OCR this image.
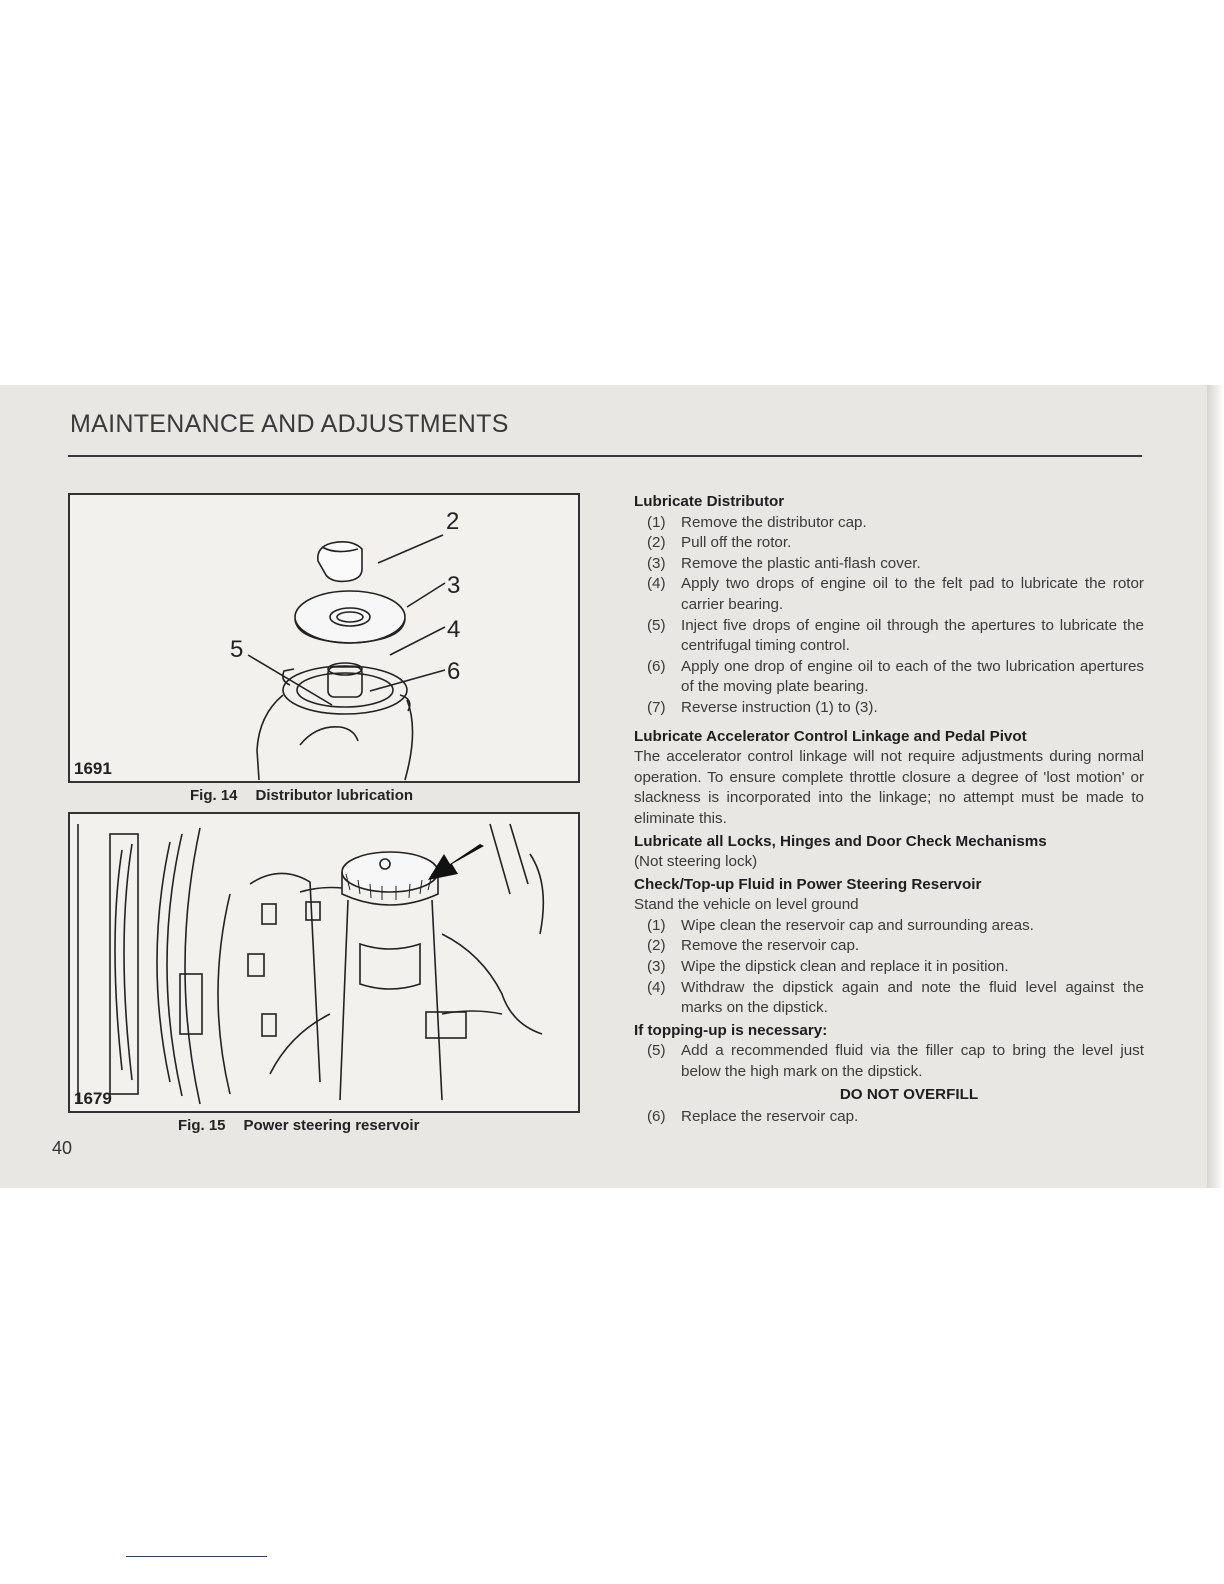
MAINTENANCE AND ADJUSTMENTS
2
3
4
5
6
1691
Fig. 14 Distributor lubrication
1679
Fig. 15 Power steering reservoir
40
Lubricate Distributor
(1) Remove the distributor cap.
(2) Pull off the rotor.
(3) Remove the plastic anti-flash cover.
(4) Apply two drops of engine oil to the felt pad to lubricate the rotor carrier bearing.
(5) Inject five drops of engine oil through the apertures to lubricate the centrifugal timing control.
(6) Apply one drop of engine oil to each of the two lubrication apertures of the moving plate bearing.
(7) Reverse instruction (1) to (3).
Lubricate Accelerator Control Linkage and Pedal Pivot
The accelerator control linkage will not require adjustments during normal operation. To ensure complete throttle closure a degree of 'lost motion' or slackness is incorporated into the linkage; no attempt must be made to eliminate this.
Lubricate all Locks, Hinges and Door Check Mechanisms
(Not steering lock)
Check/Top-up Fluid in Power Steering Reservoir
Stand the vehicle on level ground
(1) Wipe clean the reservoir cap and surrounding areas.
(2) Remove the reservoir cap.
(3) Wipe the dipstick clean and replace it in position.
(4) Withdraw the dipstick again and note the fluid level against the marks on the dipstick.
If topping-up is necessary:
(5) Add a recommended fluid via the filler cap to bring the level just below the high mark on the dipstick.
DO NOT OVERFILL
(6) Replace the reservoir cap.
